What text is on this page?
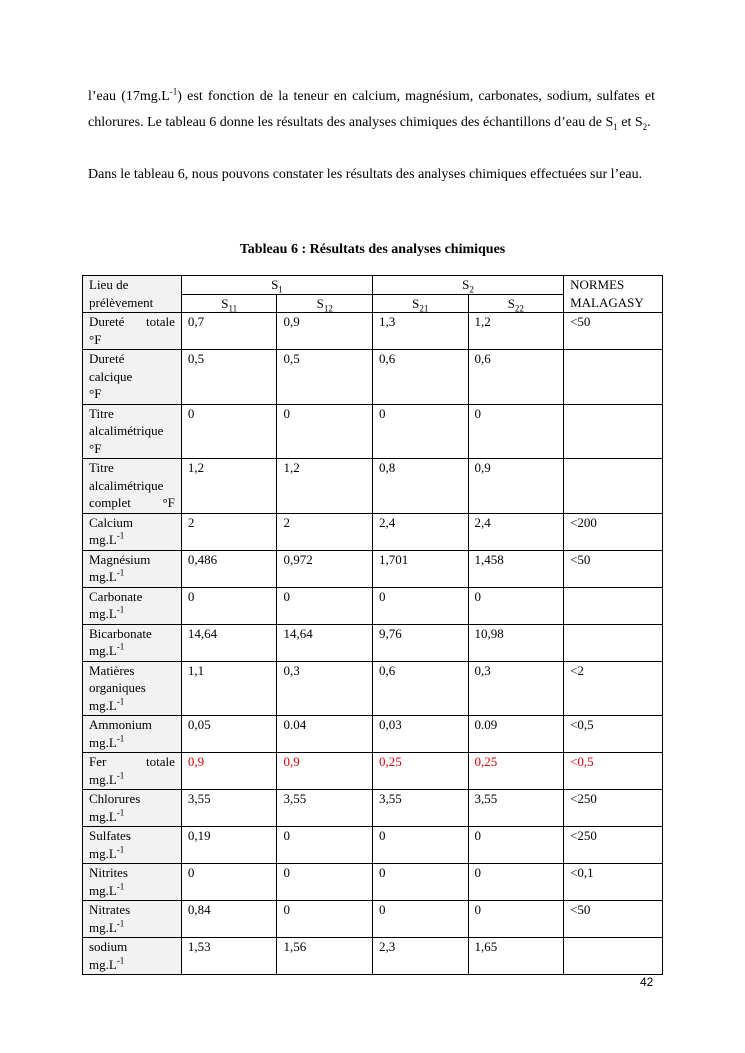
l’eau $(17mg.L^{-1})$ est fonction de la teneur en calcium, magnésium, carbonates, sodium, sulfates et chlorures. Le tableau 6 donne les résultats des analyses chimiques des échantillons d’eau de $S_1$ et $S_2$.
Dans le tableau 6, nous pouvons constater les résultats des analyses chimiques effectuées sur l’eau.
Tableau 6 : Résultats des analyses chimiques
Lieu de prélèvement	$S_1$		$S_2$		NORMES MALAGASY
	$S_{11}$	$S_{12}$	$S_{21}$	$S_{22}$

Dureté totale
°F	0,7	0,9	1,3	1,2	<50

Dureté
calcique
°F	0,5	0,5	0,6	0,6	

Titre
alcalimétrique
°F	0	0	0	0	

Titre
alcalimétrique
complet °F	1,2	1,2	0,8	0,9	

Calcium
$mg.L^{-1}$	2	2	2,4	2,4	<200

Magnésium
$mg.L^{-1}$	0,486	0,972	1,701	1,458	<50

Carbonate
$mg.L^{-1}$	0	0	0	0	

Bicarbonate
$mg.L^{-1}$	14,64	14,64	9,76	10,98	

Matières
organiques
$mg.L^{-1}$	1,1	0,3	0,6	0,3	<2

Ammonium
$mg.L^{-1}$	0,05	0.04	0,03	0.09	<0,5

Fer totale
$mg.L^{-1}$	0,9	0,9	0,25	0,25	<0,5

Chlorures
$mg.L^{-1}$	3,55	3,55	3,55	3,55	<250

Sulfates
$mg.L^{-1}$	0,19	0	0	0	<250

Nitrites
$mg.L^{-1}$	0	0	0	0	<0,1

Nitrates
$mg.L^{-1}$	0,84	0	0	0	<50

sodium
$mg.L^{-1}$	1,53	1,56	2,3	1,65	
42
